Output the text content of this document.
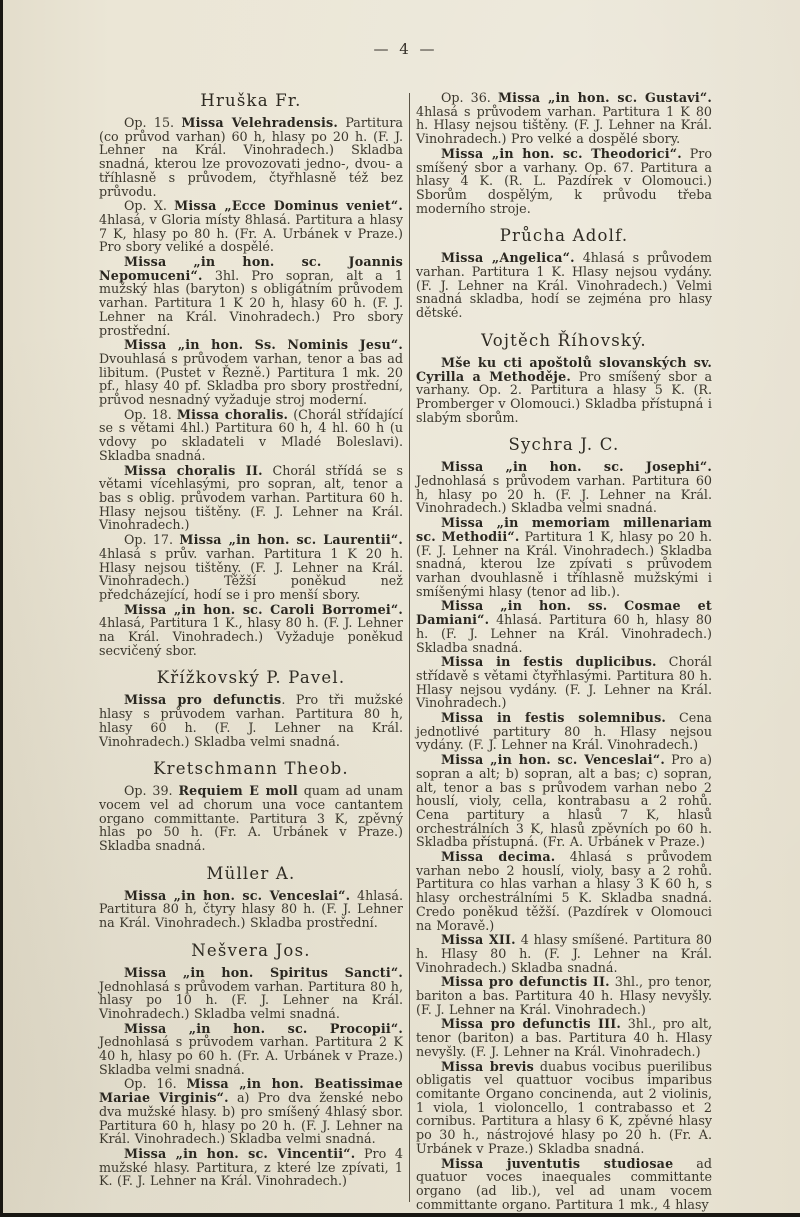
— 4 —
Hruška Fr.

Op. 15. Missa Velehradensis. Partitura (co průvod varhan) 60 h, hlasy po 20 h. (F. J. Lehner na Král. Vinohradech.) Skladba snadná, kterou lze provozovati jedno-, dvou- a tříhlasně s průvodem, čtyřhlasně též bez průvodu.

Op. X. Missa „Ecce Dominus veniet“. 4hlasá, v Gloria místy 8hlasá. Partitura a hlasy 7 K, hlasy po 80 h. (Fr. A. Urbánek v Praze.) Pro sbory veliké a dospělé.

Missa „in hon. sc. Joannis Nepomuceni“. 3hl. Pro sopran, alt a 1 mužský hlas (baryton) s obligátním průvodem varhan. Partitura 1 K 20 h, hlasy 60 h. (F. J. Lehner na Král. Vinohradech.) Pro sbory prostřední.

Missa „in hon. Ss. Nominis Jesu“. Dvouhlasá s průvodem varhan, tenor a bas ad libitum. (Pustet v Řezně.) Partitura 1 mk. 20 pf., hlasy 40 pf. Skladba pro sbory prostřední, průvod nesnadný vyžaduje stroj moderní.

Op. 18. Missa choralis. (Chorál střídající se s větami 4hl.) Partitura 60 h, 4 hl. 60 h (u vdovy po skladateli v Mladé Boleslavi). Skladba snadná.

Missa choralis II. Chorál střídá se s větami vícehlasými, pro sopran, alt, tenor a bas s oblig. průvodem varhan. Partitura 60 h. Hlasy nejsou tištěny. (F. J. Lehner na Král. Vinohradech.)

Op. 17. Missa „in hon. sc. Laurentii“. 4hlasá s prův. varhan. Partitura 1 K 20 h. Hlasy nejsou tištěny. (F. J. Lehner na Král. Vinohradech.) Těžší poněkud než předcházející, hodí se i pro menší sbory.

Missa „in hon. sc. Caroli Borromei“. 4hlasá, Partitura 1 K., hlasy 80 h. (F. J. Lehner na Král. Vinohradech.) Vyžaduje poněkud secvičený sbor.

Křížkovský P. Pavel.

Missa pro defunctis. Pro tři mužské hlasy s průvodem varhan. Partitura 80 h, hlasy 60 h. (F. J. Lehner na Král. Vinohradech.) Skladba velmi snadná.

Kretschmann Theob.

Op. 39. Requiem E moll quam ad unam vocem vel ad chorum una voce cantantem organo committante. Partitura 3 K, zpěvný hlas po 50 h. (Fr. A. Urbánek v Praze.) Skladba snadná.

Müller A.

Missa „in hon. sc. Venceslai“. 4hlasá. Partitura 80 h, čtyry hlasy 80 h. (F. J. Lehner na Král. Vinohradech.) Skladba prostřední.

Nešvera Jos.

Missa „in hon. Spiritus Sancti“. Jednohlasá s průvodem varhan. Partitura 80 h, hlasy po 10 h. (F. J. Lehner na Král. Vinohradech.) Skladba velmi snadná.

Missa „in hon. sc. Procopii“. Jednohlasá s průvodem varhan. Partitura 2 K 40 h, hlasy po 60 h. (Fr. A. Urbánek v Praze.) Skladba velmi snadná.

Op. 16. Missa „in hon. Beatissimae Mariae Virginis“. a) Pro dva ženské nebo dva mužské hlasy. b) pro smíšený 4hlasý sbor. Partitura 60 h, hlasy po 20 h. (F. J. Lehner na Král. Vinohradech.) Skladba velmi snadná.

Missa „in hon. sc. Vincentii“. Pro 4 mužské hlasy. Partitura, z které lze zpívati, 1 K. (F. J. Lehner na Král. Vinohradech.)

Op. 36. Missa „in hon. sc. Gustavi“. 4hlasá s průvodem varhan. Partitura 1 K 80 h. Hlasy nejsou tištěny. (F. J. Lehner na Král. Vinohradech.) Pro velké a dospělé sbory.

Missa „in hon. sc. Theodorici“. Pro smíšený sbor a varhany. Op. 67. Partitura a hlasy 4 K. (R. L. Pazdírek v Olomouci.) Sborům dospělým, k průvodu třeba moderního stroje.

Průcha Adolf.

Missa „Angelica“. 4hlasá s průvodem varhan. Partitura 1 K. Hlasy nejsou vydány. (F. J. Lehner na Král. Vinohradech.) Velmi snadná skladba, hodí se zejména pro hlasy dětské.

Vojtěch Říhovský.

Mše ku cti apoštolů slovanských sv. Cyrilla a Methoděje. Pro smíšený sbor a varhany. Op. 2. Partitura a hlasy 5 K. (R. Promberger v Olomouci.) Skladba přístupná i slabým sborům.

Sychra J. C.

Missa „in hon. sc. Josephi“. Jednohlasá s průvodem varhan. Partitura 60 h, hlasy po 20 h. (F. J. Lehner na Král. Vinohradech.) Skladba velmi snadná.

Missa „in memoriam millenariam sc. Methodii“. Partitura 1 K, hlasy po 20 h. (F. J. Lehner na Král. Vinohradech.) Skladba snadná, kterou lze zpívati s průvodem varhan dvouhlasně i tříhlasně mužskými i smíšenými hlasy (tenor ad lib.).

Missa „in hon. ss. Cosmae et Damiani“. 4hlasá. Partitura 60 h, hlasy 80 h. (F. J. Lehner na Král. Vinohradech.) Skladba snadná.

Missa in festis duplicibus. Chorál střídavě s větami čtyřhlasými. Partitura 80 h. Hlasy nejsou vydány. (F. J. Lehner na Král. Vinohradech.)

Missa in festis solemnibus. Cena jednotlivé partitury 80 h. Hlasy nejsou vydány. (F. J. Lehner na Král. Vinohradech.)

Missa „in hon. sc. Venceslai“. Pro a) sopran a alt; b) sopran, alt a bas; c) sopran, alt, tenor a bas s průvodem varhan nebo 2 houslí, violy, cella, kontrabasu a 2 rohů. Cena partitury a hlasů 7 K, hlasů orchestrálních 3 K, hlasů zpěvních po 60 h. Skladba přístupná. (Fr. A. Urbánek v Praze.)

Missa decima. 4hlasá s průvodem varhan nebo 2 houslí, violy, basy a 2 rohů. Partitura co hlas varhan a hlasy 3 K 60 h, s hlasy orchestrálními 5 K. Skladba snadná. Credo poněkud těžší. (Pazdírek v Olomouci na Moravě.)

Missa XII. 4 hlasy smíšené. Partitura 80 h. Hlasy 80 h. (F. J. Lehner na Král. Vinohradech.) Skladba snadná.

Missa pro defunctis II. 3hl., pro tenor, bariton a bas. Partitura 40 h. Hlasy nevyšly. (F. J. Lehner na Král. Vinohradech.)

Missa pro defunctis III. 3hl., pro alt, tenor (bariton) a bas. Partitura 40 h. Hlasy nevyšly. (F. J. Lehner na Král. Vinohradech.)

Missa brevis duabus vocibus puerilibus obligatis vel quattuor vocibus imparibus comitante Organo concinenda, aut 2 violinis, 1 viola, 1 violoncello, 1 contrabasso et 2 cornibus. Partitura a hlasy 6 K, zpěvné hlasy po 30 h., nástrojové hlasy po 20 h. (Fr. A. Urbánek v Praze.) Skladba snadná.

Missa juventutis studiosae ad quatuor voces inaequales committante organo (ad lib.), vel ad unam vocem committante organo. Partitura 1 mk., 4 hlasy
